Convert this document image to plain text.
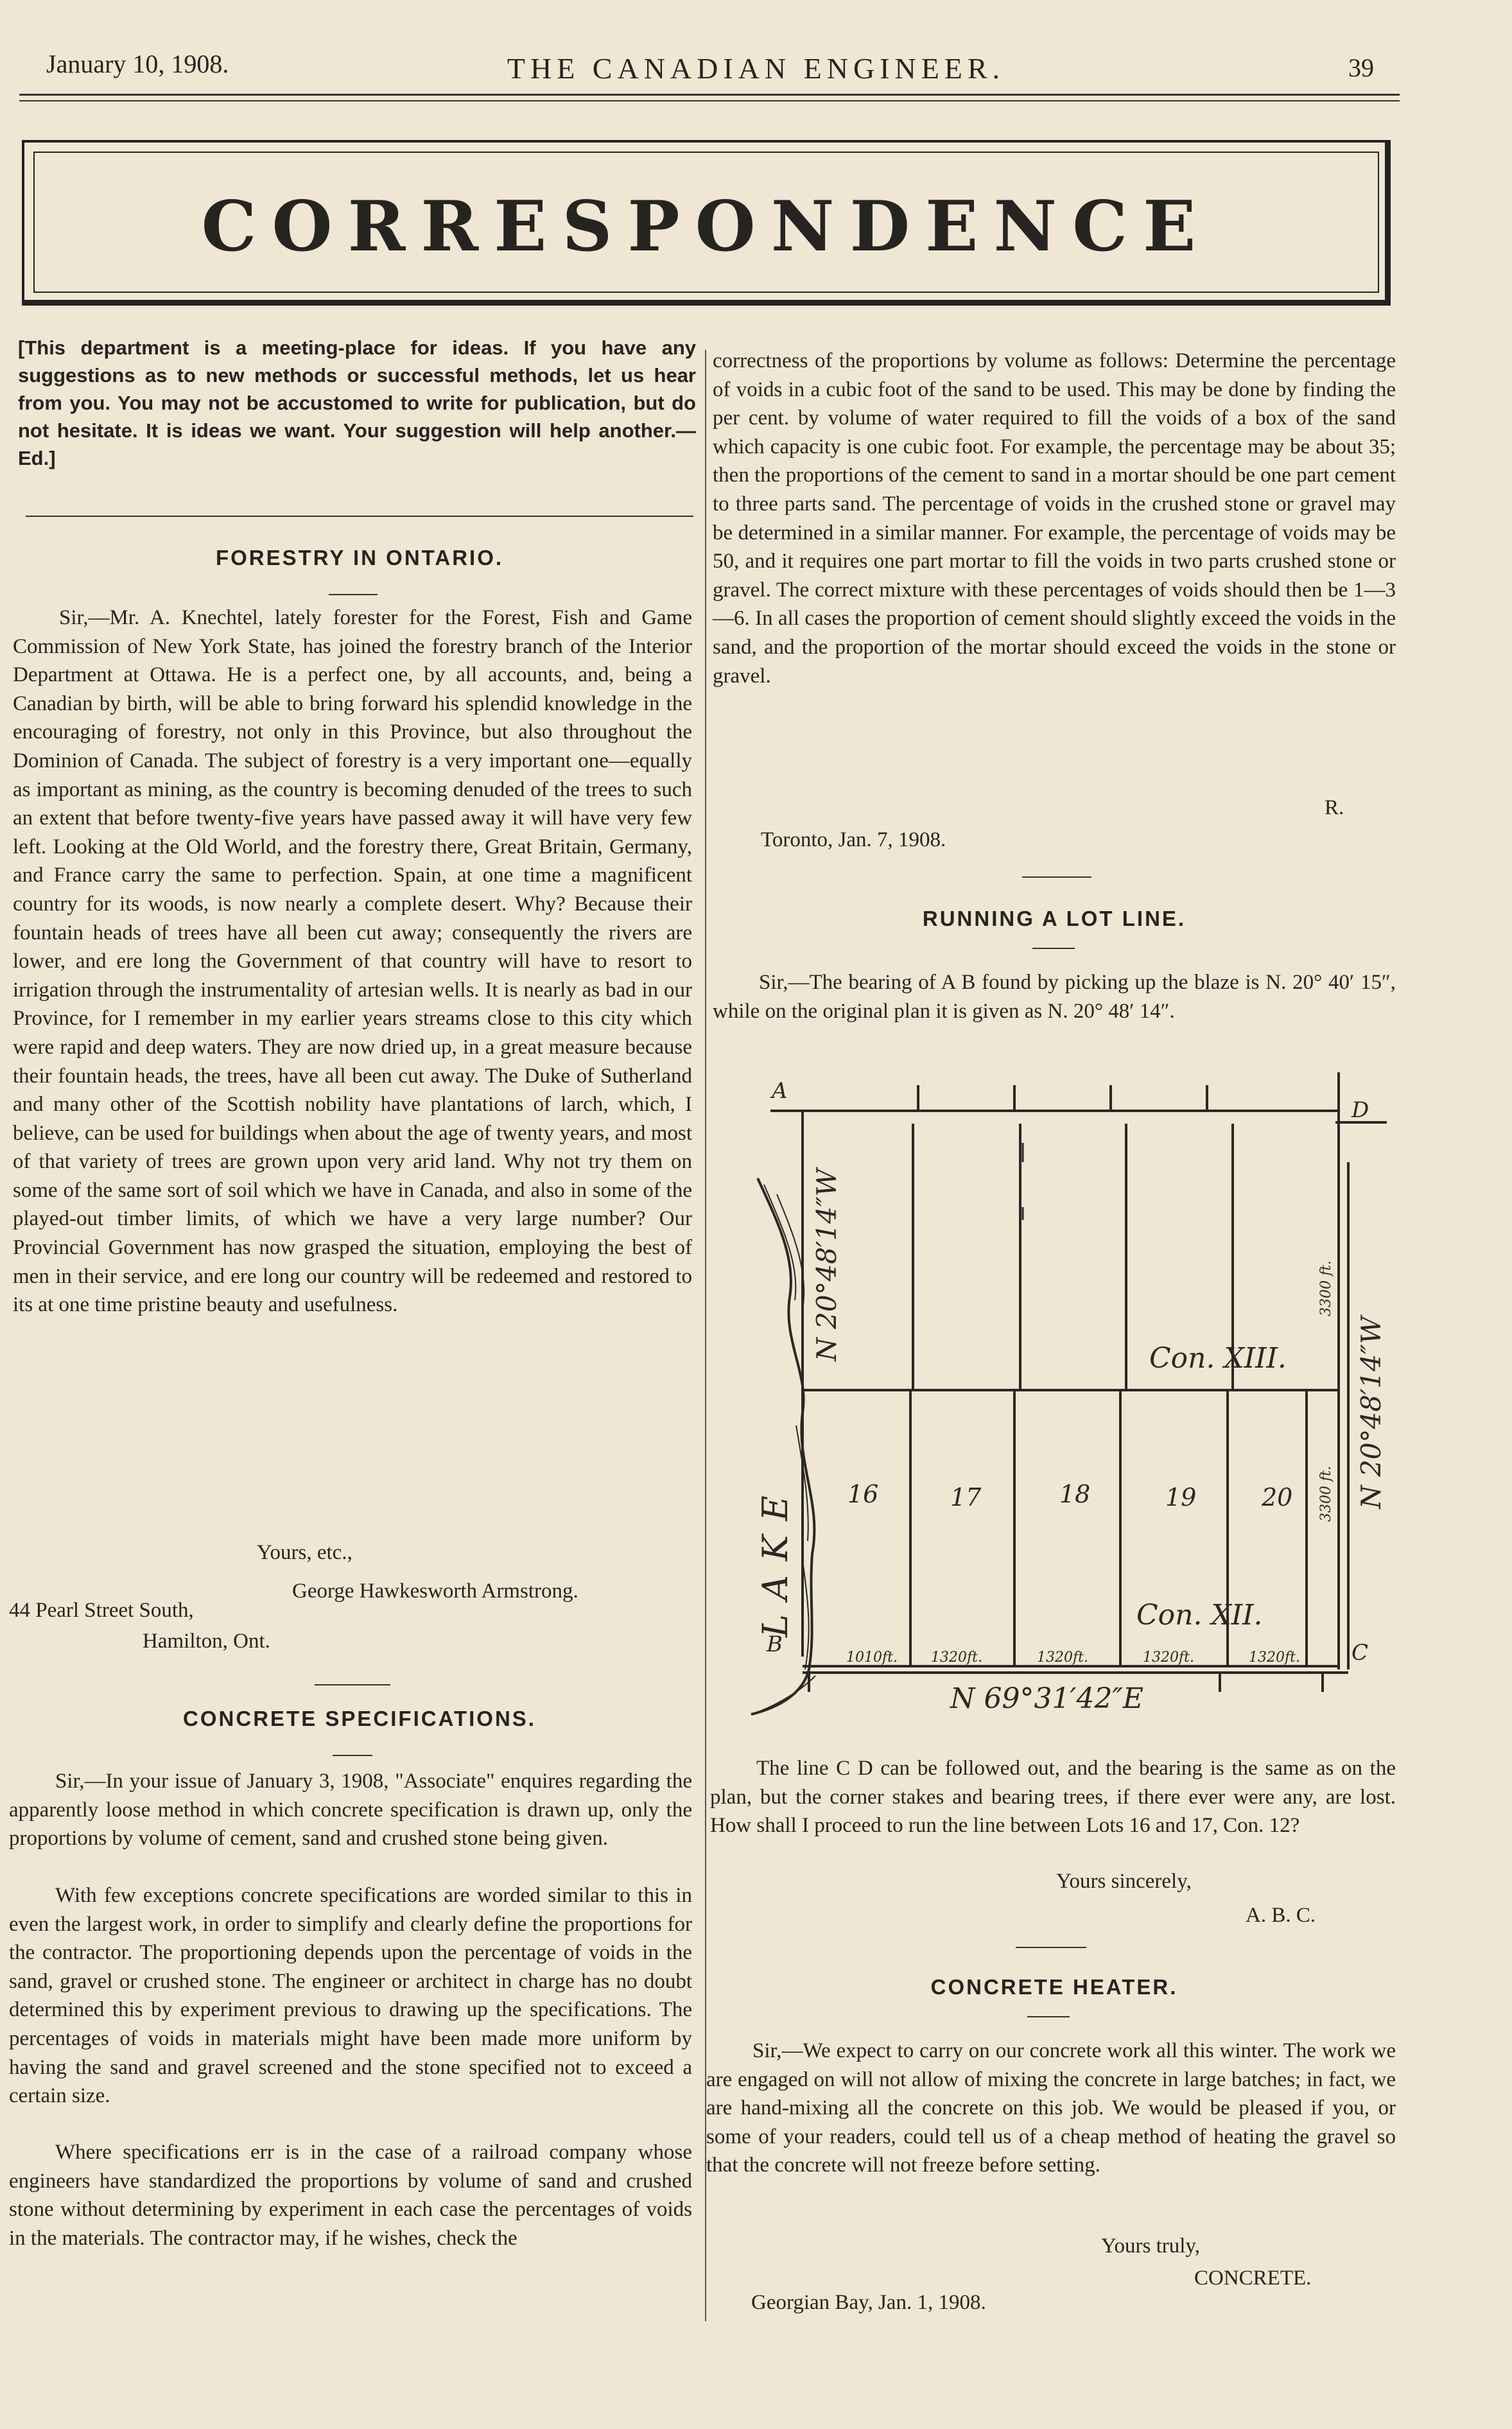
January 10, 1908.	THE CANADIAN ENGINEER.	39
CORRESPONDENCE
[This department is a meeting-place for ideas. If you have any suggestions as to new methods or successful methods, let us hear from you. You may not be accustomed to write for publication, but do not hesitate. It is ideas we want. Your suggestion will help another.—Ed.]
FORESTRY IN ONTARIO.

Sir,—Mr. A. Knechtel, lately forester for the Forest, Fish and Game Commission of New York State, has joined the forestry branch of the Interior Department at Ottawa. He is a perfect one, by all accounts, and, being a Canadian by birth, will be able to bring forward his splendid knowledge in the encouraging of forestry, not only in this Province, but also throughout the Dominion of Canada. The subject of forestry is a very important one—equally as important as mining, as the country is becoming denuded of the trees to such an extent that before twenty-five years have passed away it will have very few left. Looking at the Old World, and the forestry there, Great Britain, Germany, and France carry the same to perfection. Spain, at one time a magnificent country for its woods, is now nearly a complete desert. Why? Because their fountain heads of trees have all been cut away; consequently the rivers are lower, and ere long the Government of that country will have to resort to irrigation through the instrumentality of artesian wells. It is nearly as bad in our Province, for I remember in my earlier years streams close to this city which were rapid and deep waters. They are now dried up, in a great measure because their fountain heads, the trees, have all been cut away. The Duke of Sutherland and many other of the Scottish nobility have plantations of larch, which, I believe, can be used for buildings when about the age of twenty years, and most of that variety of trees are grown upon very arid land. Why not try them on some of the same sort of soil which we have in Canada, and also in some of the played-out timber limits, of which we have a very large number? Our Provincial Government has now grasped the situation, employing the best of men in their service, and ere long our country will be redeemed and restored to its at one time pristine beauty and usefulness.

Yours, etc.,
George Hawkesworth Armstrong.
44 Pearl Street South,
Hamilton, Ont.
CONCRETE SPECIFICATIONS.

Sir,—In your issue of January 3, 1908, "Associate" enquires regarding the apparently loose method in which concrete specification is drawn up, only the proportions by volume of cement, sand and crushed stone being given.

With few exceptions concrete specifications are worded similar to this in even the largest work, in order to simplify and clearly define the proportions for the contractor. The proportioning depends upon the percentage of voids in the sand, gravel or crushed stone. The engineer or architect in charge has no doubt determined this by experiment previous to drawing up the specifications. The percentages of voids in materials might have been made more uniform by having the sand and gravel screened and the stone specified not to exceed a certain size.

Where specifications err is in the case of a railroad company whose engineers have standardized the proportions by volume of sand and crushed stone without determining by experiment in each case the percentages of voids in the materials. The contractor may, if he wishes, check the

correctness of the proportions by volume as follows: Determine the percentage of voids in a cubic foot of the sand to be used. This may be done by finding the per cent. by volume of water required to fill the voids of a box of the sand which capacity is one cubic foot. For example, the percentage may be about 35; then the proportions of the cement to sand in a mortar should be one part cement to three parts sand. The percentage of voids in the crushed stone or gravel may be determined in a similar manner. For example, the percentage of voids may be 50, and it requires one part mortar to fill the voids in two parts crushed stone or gravel. The correct mixture with these percentages of voids should then be 1—3—6. In all cases the proportion of cement should slightly exceed the voids in the sand, and the proportion of the mortar should exceed the voids in the stone or gravel.

R.
Toronto, Jan. 7, 1908.
RUNNING A LOT LINE.

Sir,—The bearing of A B found by picking up the blaze is N. 20° 40′ 15″, while on the original plan it is given as N. 20° 48′ 14″.

A
D
B	C
N 20°48′14″W
N 20°48′14″W
N 69°31′42″E
LAKE
Con. XIII.
Con. XII.
3300 ft.
3300 ft.
16	17	18	19	20
1010ft. 1320ft.	1320ft.	1320ft.	1320ft.

The line C D can be followed out, and the bearing is the same as on the plan, but the corner stakes and bearing trees, if there ever were any, are lost. How shall I proceed to run the line between Lots 16 and 17, Con. 12?

Yours sincerely,
A. B. C.
CONCRETE HEATER.

Sir,—We expect to carry on our concrete work all this winter. The work we are engaged on will not allow of mixing the concrete in large batches; in fact, we are hand-mixing all the concrete on this job. We would be pleased if you, or some of your readers, could tell us of a cheap method of heating the gravel so that the concrete will not freeze before setting.

Yours truly,
CONCRETE.
Georgian Bay, Jan. 1, 1908.
